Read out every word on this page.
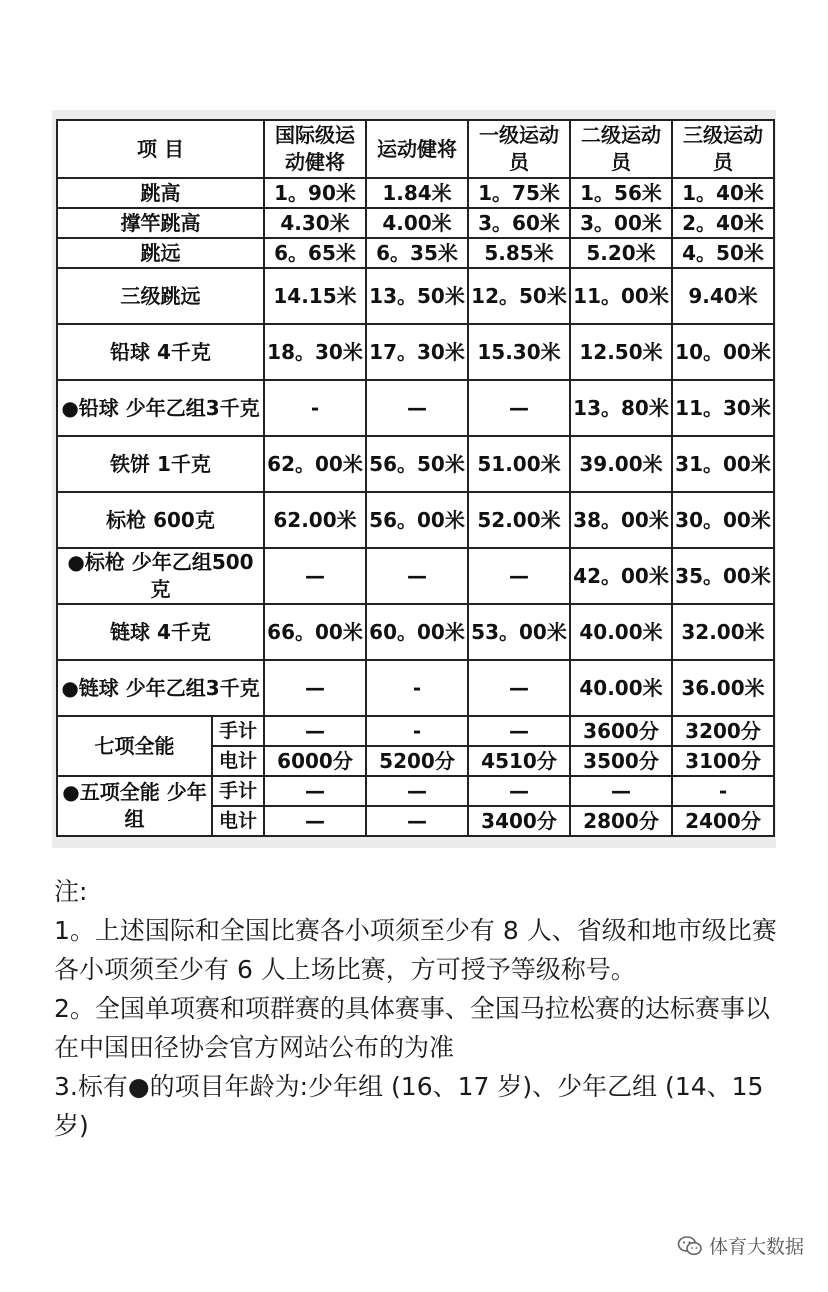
项 目		国际级运动健将	运动健将	一级运动员	二级运动员	三级运动员
跳高		1。90米	1.84米	1。75米	1。56米	1。40米
撑竿跳高		4.30米	4.00米	3。60米	3。00米	2。40米
跳远		6。65米	6。35米	5.85米	5.20米	4。50米
三级跳远		14.15米	13。50米	12。50米	11。00米	9.40米
铅球 4千克		18。30米	17。30米	15.30米	12.50米	10。00米
●铅球 少年乙组3千克		-	—	—	13。80米	11。30米
铁饼 1千克		62。00米	56。50米	51.00米	39.00米	31。00米
标枪 600克		62.00米	56。00米	52.00米	38。00米	30。00米
●标枪 少年乙组500克		—	—	—	42。00米	35。00米
链球 4千克		66。00米	60。00米	53。00米	40.00米	32.00米
●链球 少年乙组3千克		—	-	—	40.00米	36.00米
七项全能	手计	—	-	—	3600分	3200分
	电计	6000分	5200分	4510分	3500分	3100分
●五项全能 少年组	手计	—	—	—	—	-
	电计	—	—	3400分	2800分	2400分

注:

1。上述国际和全国比赛各小项须至少有 8 人、省级和地市级比赛各小项须至少有 6 人上场比赛，方可授予等级称号。

2。全国单项赛和项群赛的具体赛事、全国马拉松赛的达标赛事以在中国田径协会官方网站公布的为准

3.标有●的项目年龄为:少年组 (16、17 岁)、少年乙组 (14、15 岁)

体育大数据
